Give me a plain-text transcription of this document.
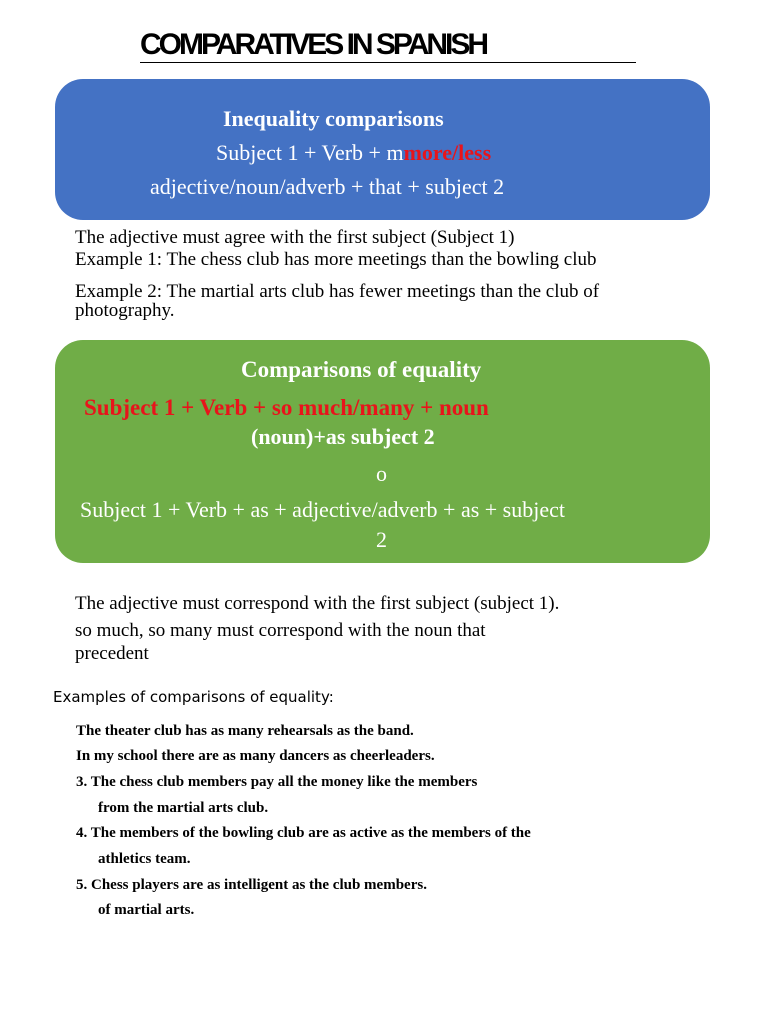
COMPARATIVES IN SPANISH
Inequality comparisons
Subject 1 + Verb + mmore/less
adjective/noun/adverb + that + subject 2
The adjective must agree with the first subject (Subject 1)
Example 1: The chess club has more meetings than the bowling club
Example 2: The martial arts club has fewer meetings than the club of
photography.
Comparisons of equality
Subject 1 + Verb + so much/many + noun
(noun)+as subject 2
o
Subject 1 + Verb + as + adjective/adverb + as + subject
2
The adjective must correspond with the first subject (subject 1).
so much, so many must correspond with the noun that
precedent
Examples of comparisons of equality:
The theater club has as many rehearsals as the band.
In my school there are as many dancers as cheerleaders.
3. The chess club members pay all the money like the members
from the martial arts club.
4. The members of the bowling club are as active as the members of the
athletics team.
5. Chess players are as intelligent as the club members.
of martial arts.
